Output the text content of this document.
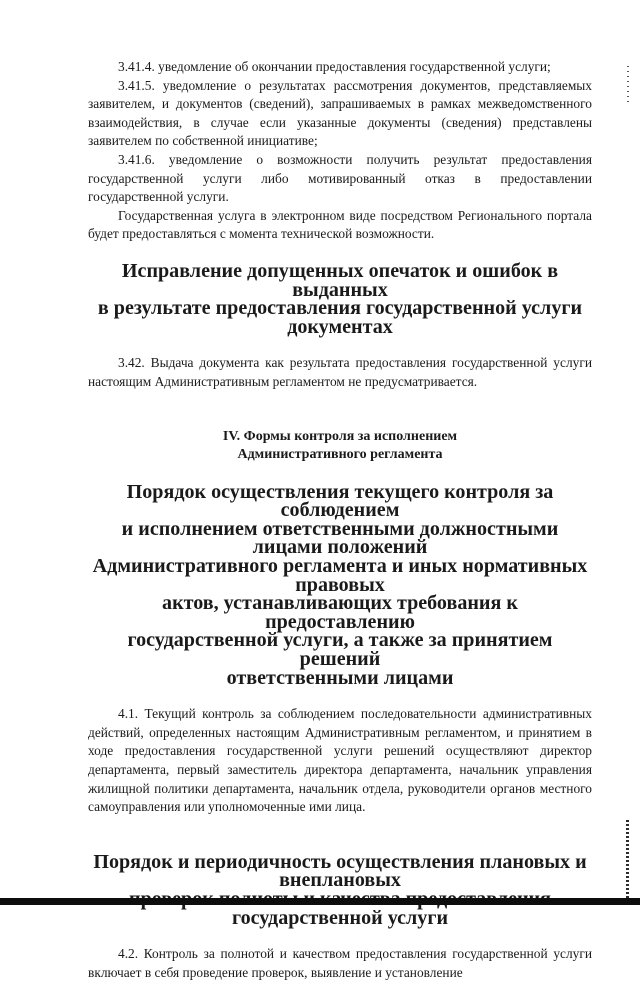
3.41.4. уведомление об окончании предоставления государственной услуги;

3.41.5. уведомление о результатах рассмотрения документов, представляемых заявителем, и документов (сведений), запрашиваемых в рамках межведомственного взаимодействия, в случае если указанные документы (сведения) представлены заявителем по собственной инициативе;

3.41.6. уведомление о возможности получить результат предоставления государственной услуги либо мотивированный отказ в предоставлении государственной услуги.

Государственная услуга в электронном виде посредством Регионального портала будет предоставляться с момента технической возможности.

Исправление допущенных опечаток и ошибок в выданных
в результате предоставления государственной услуги
документах

3.42. Выдача документа как результата предоставления государственной услуги настоящим Административным регламентом не предусматривается.

IV. Формы контроля за исполнением
Административного регламента
Порядок осуществления текущего контроля за соблюдением
и исполнением ответственными должностными лицами положений
Административного регламента и иных нормативных правовых
актов, устанавливающих требования к предоставлению
государственной услуги, а также за принятием решений
ответственными лицами

4.1. Текущий контроль за соблюдением последовательности административных действий, определенных настоящим Административным регламентом, и принятием в ходе предоставления государственной услуги решений осуществляют директор департамента, первый заместитель директора департамента, начальник управления жилищной политики департамента, начальник отдела, руководители органов местного самоуправления или уполномоченные ими лица.

Порядок и периодичность осуществления плановых и внеплановых
государственной услуги

4.2. Контроль за полнотой и качеством предоставления государственной услуги включает в себя проведение проверок, выявление и установление
